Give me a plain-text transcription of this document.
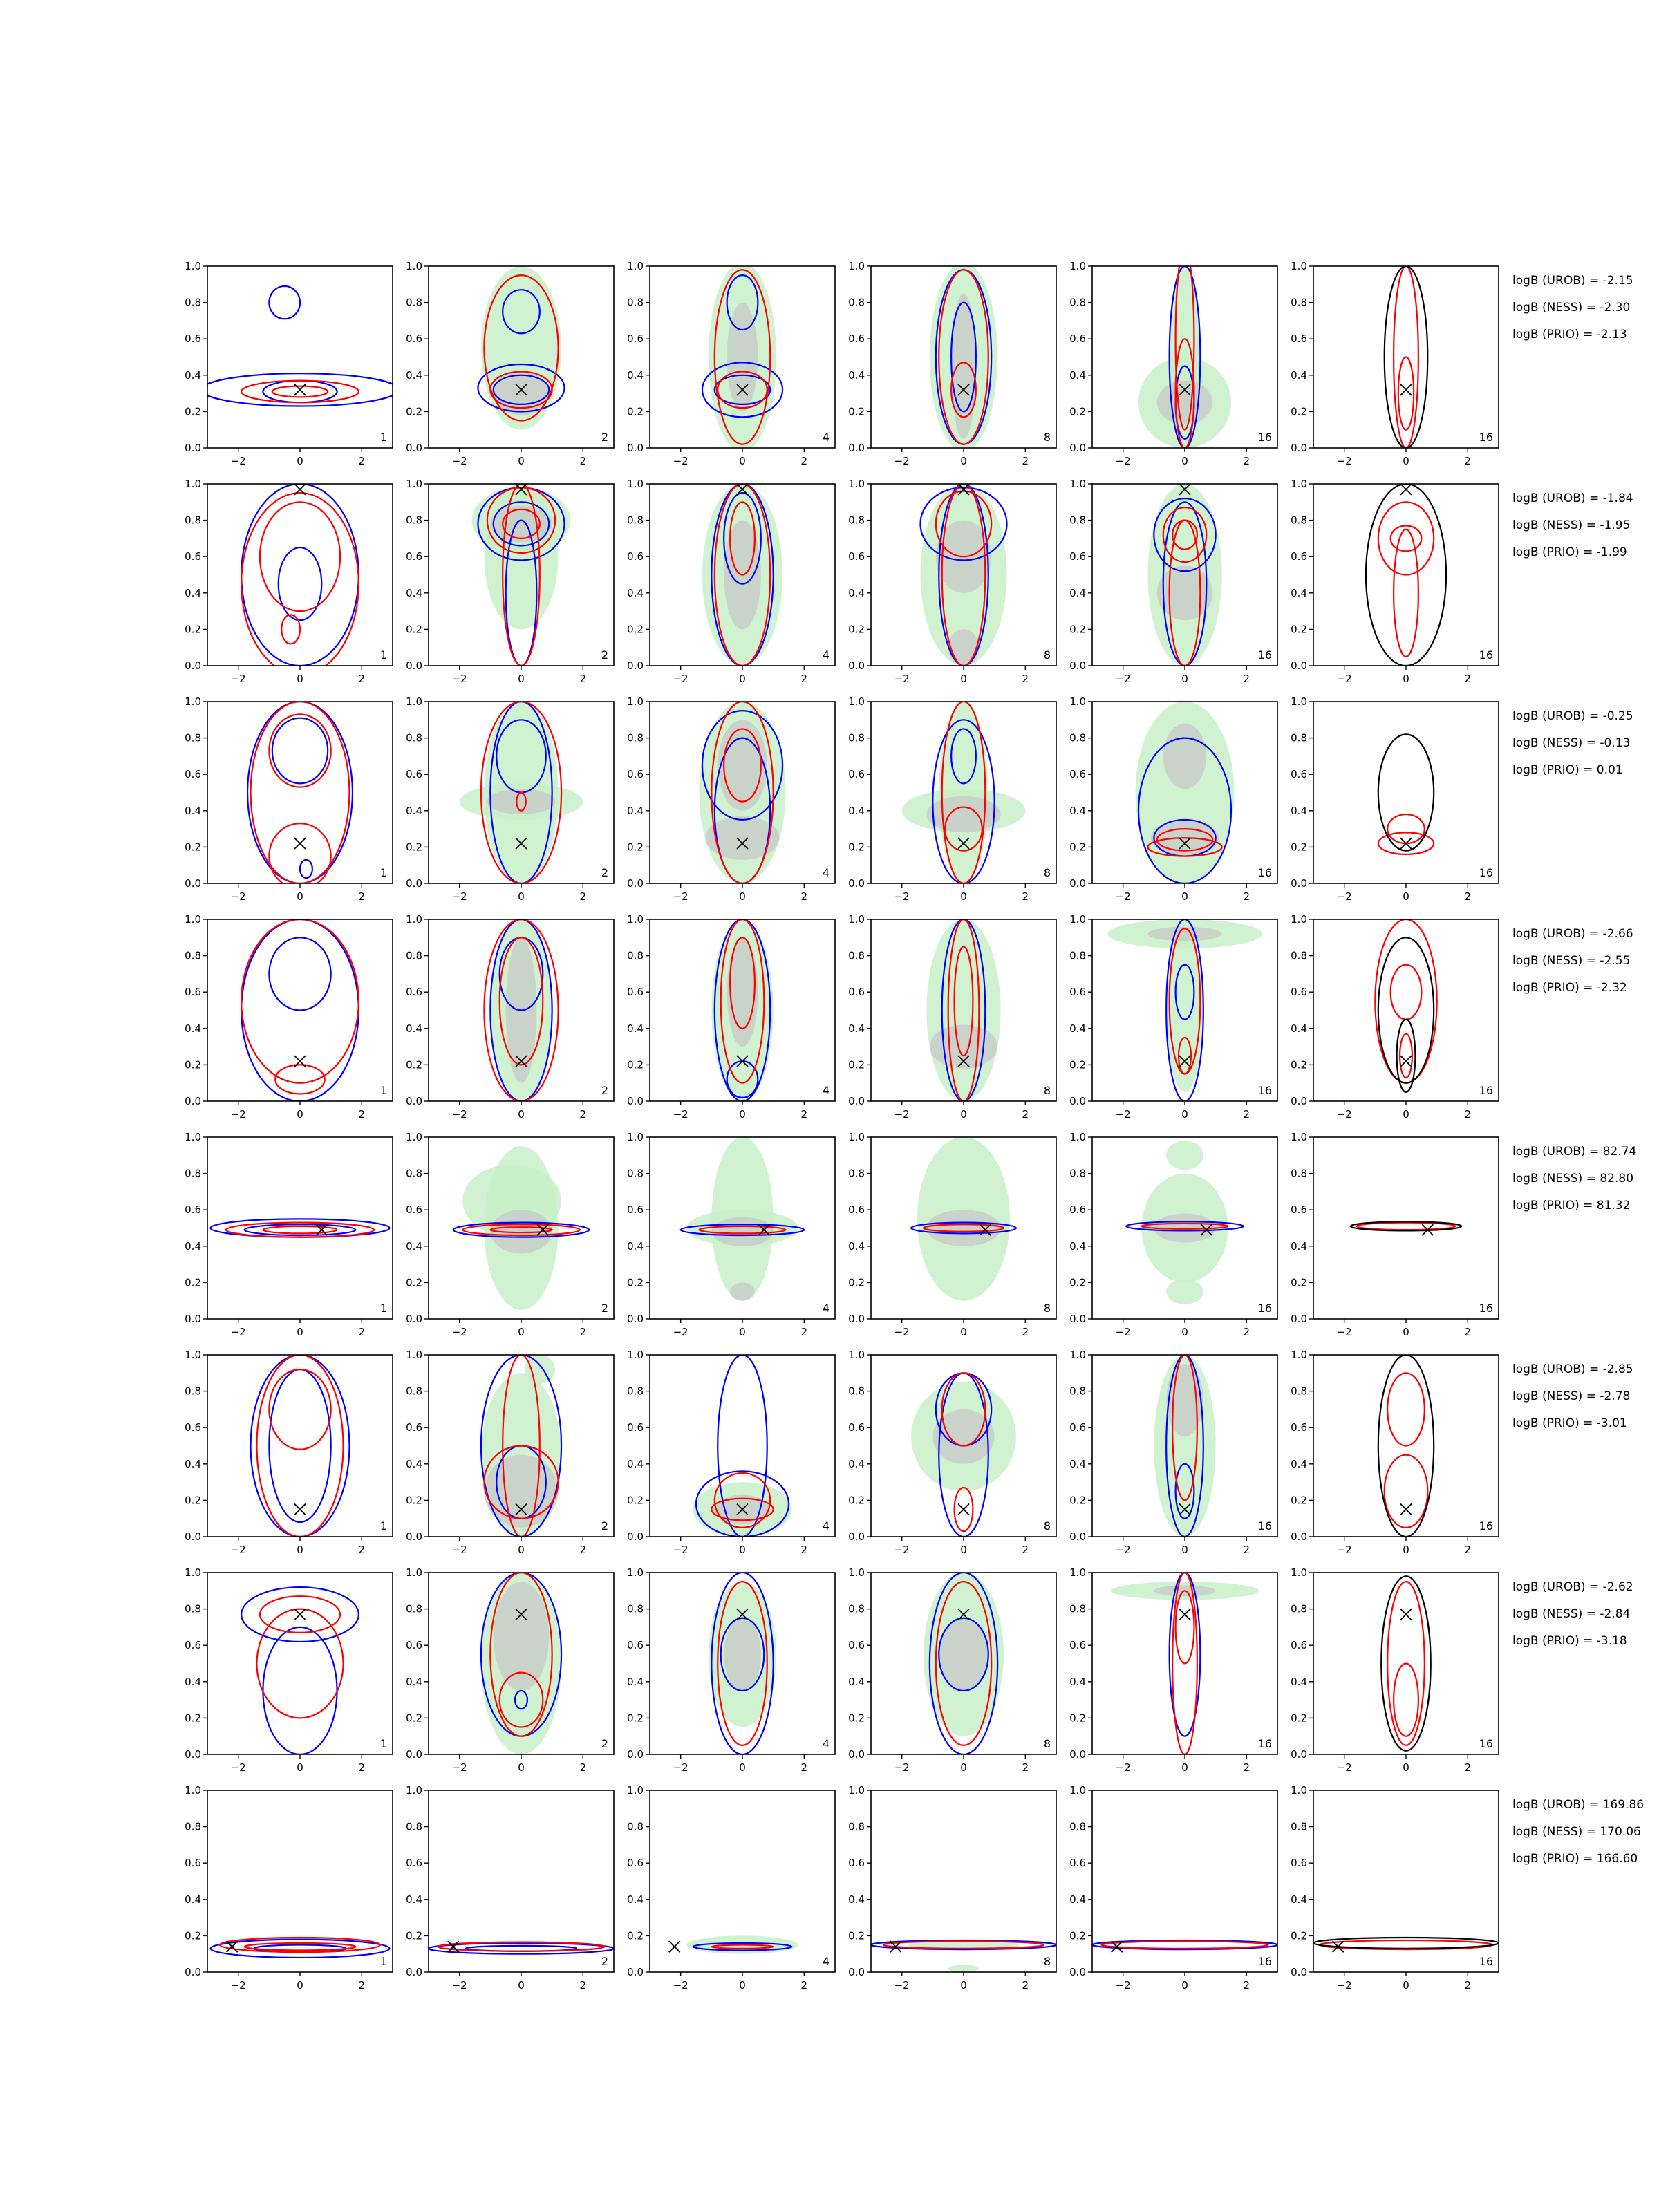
0.0
0.2
0.4
0.6
0.8
1.0
−2	0	2
1
0.0
0.2
0.4
0.6
0.8
1.0
−2	0	2
2
0.0
0.2
0.4
0.6
0.8
1.0
−2	0	2
4
0.0
0.2
0.4
0.6
0.8
1.0
−2	0	2
8
0.0
0.2
0.4
0.6
0.8
1.0
−2	0	2
16
0.0
0.2
0.4
0.6
0.8
1.0
−2	0	2
16
logB (UROB) = -2.15
logB (NESS) = -2.30
logB (PRIO) = -2.13
0.0
0.2
0.4
0.6
0.8
1.0
−2	0	2
1
0.0
0.2
0.4
0.6
0.8
1.0
−2	0	2
2
0.0
0.2
0.4
0.6
0.8
1.0
−2	0	2
4
0.0
0.2
0.4
0.6
0.8
1.0
−2	0	2
8
0.0
0.2
0.4
0.6
0.8
1.0
−2	0	2
16
0.0
0.2
0.4
0.6
0.8
1.0
−2	0	2
16
logB (UROB) = -1.84
logB (NESS) = -1.95
logB (PRIO) = -1.99
0.0
0.2
0.4
0.6
0.8
1.0
−2	0	2
1
0.0
0.2
0.4
0.6
0.8
1.0
−2	0	2
2
0.0
0.2
0.4
0.6
0.8
1.0
−2	0	2
4
0.0
0.2
0.4
0.6
0.8
1.0
−2	0	2
8
0.0
0.2
0.4
0.6
0.8
1.0
−2	0	2
16
0.0
0.2
0.4
0.6
0.8
1.0
−2	0	2
16
logB (UROB) = -0.25
logB (NESS) = -0.13
logB (PRIO) = 0.01
0.0
0.2
0.4
0.6
0.8
1.0
−2	0	2
1
0.0
0.2
0.4
0.6
0.8
1.0
−2	0	2
2
0.0
0.2
0.4
0.6
0.8
1.0
−2	0	2
4
0.0
0.2
0.4
0.6
0.8
1.0
−2	0	2
8
0.0
0.2
0.4
0.6
0.8
1.0
−2	0	2
16
0.0
0.2
0.4
0.6
0.8
1.0
−2	0	2
16
logB (UROB) = -2.66
logB (NESS) = -2.55
logB (PRIO) = -2.32
0.0
0.2
0.4
0.6
0.8
1.0
−2	0	2
1
0.0
0.2
0.4
0.6
0.8
1.0
−2	0	2
2
0.0
0.2
0.4
0.6
0.8
1.0
−2	0	2
4
0.0
0.2
0.4
0.6
0.8
1.0
−2	0	2
8
0.0
0.2
0.4
0.6
0.8
1.0
−2	0	2
16
0.0
0.2
0.4
0.6
0.8
1.0
−2	0	2
16
logB (UROB) = 82.74
logB (NESS) = 82.80
logB (PRIO) = 81.32
0.0
0.2
0.4
0.6
0.8
1.0
−2	0	2
1
0.0
0.2
0.4
0.6
0.8
1.0
−2	0	2
2
0.0
0.2
0.4
0.6
0.8
1.0
−2	0	2
4
0.0
0.2
0.4
0.6
0.8
1.0
−2	0	2
8
0.0
0.2
0.4
0.6
0.8
1.0
−2	0	2
16
0.0
0.2
0.4
0.6
0.8
1.0
−2	0	2
16
logB (UROB) = -2.85
logB (NESS) = -2.78
logB (PRIO) = -3.01
0.0
0.2
0.4
0.6
0.8
1.0
−2	0	2
1
0.0
0.2
0.4
0.6
0.8
1.0
−2	0	2
2
0.0
0.2
0.4
0.6
0.8
1.0
−2	0	2
4
0.0
0.2
0.4
0.6
0.8
1.0
−2	0	2
8
0.0
0.2
0.4
0.6
0.8
1.0
−2	0	2
16
0.0
0.2
0.4
0.6
0.8
1.0
−2	0	2
16
logB (UROB) = -2.62
logB (NESS) = -2.84
logB (PRIO) = -3.18
0.0
0.2
0.4
0.6
0.8
1.0
−2	0	2
1
0.0
0.2
0.4
0.6
0.8
1.0
−2	0	2
2
0.0
0.2
0.4
0.6
0.8
1.0
−2	0	2
4
0.0
0.2
0.4
0.6
0.8
1.0
−2	0	2
8
0.0
0.2
0.4
0.6
0.8
1.0
−2	0	2
16
0.0
0.2
0.4
0.6
0.8
1.0
−2	0	2
16
logB (UROB) = 169.86
logB (NESS) = 170.06
logB (PRIO) = 166.60
